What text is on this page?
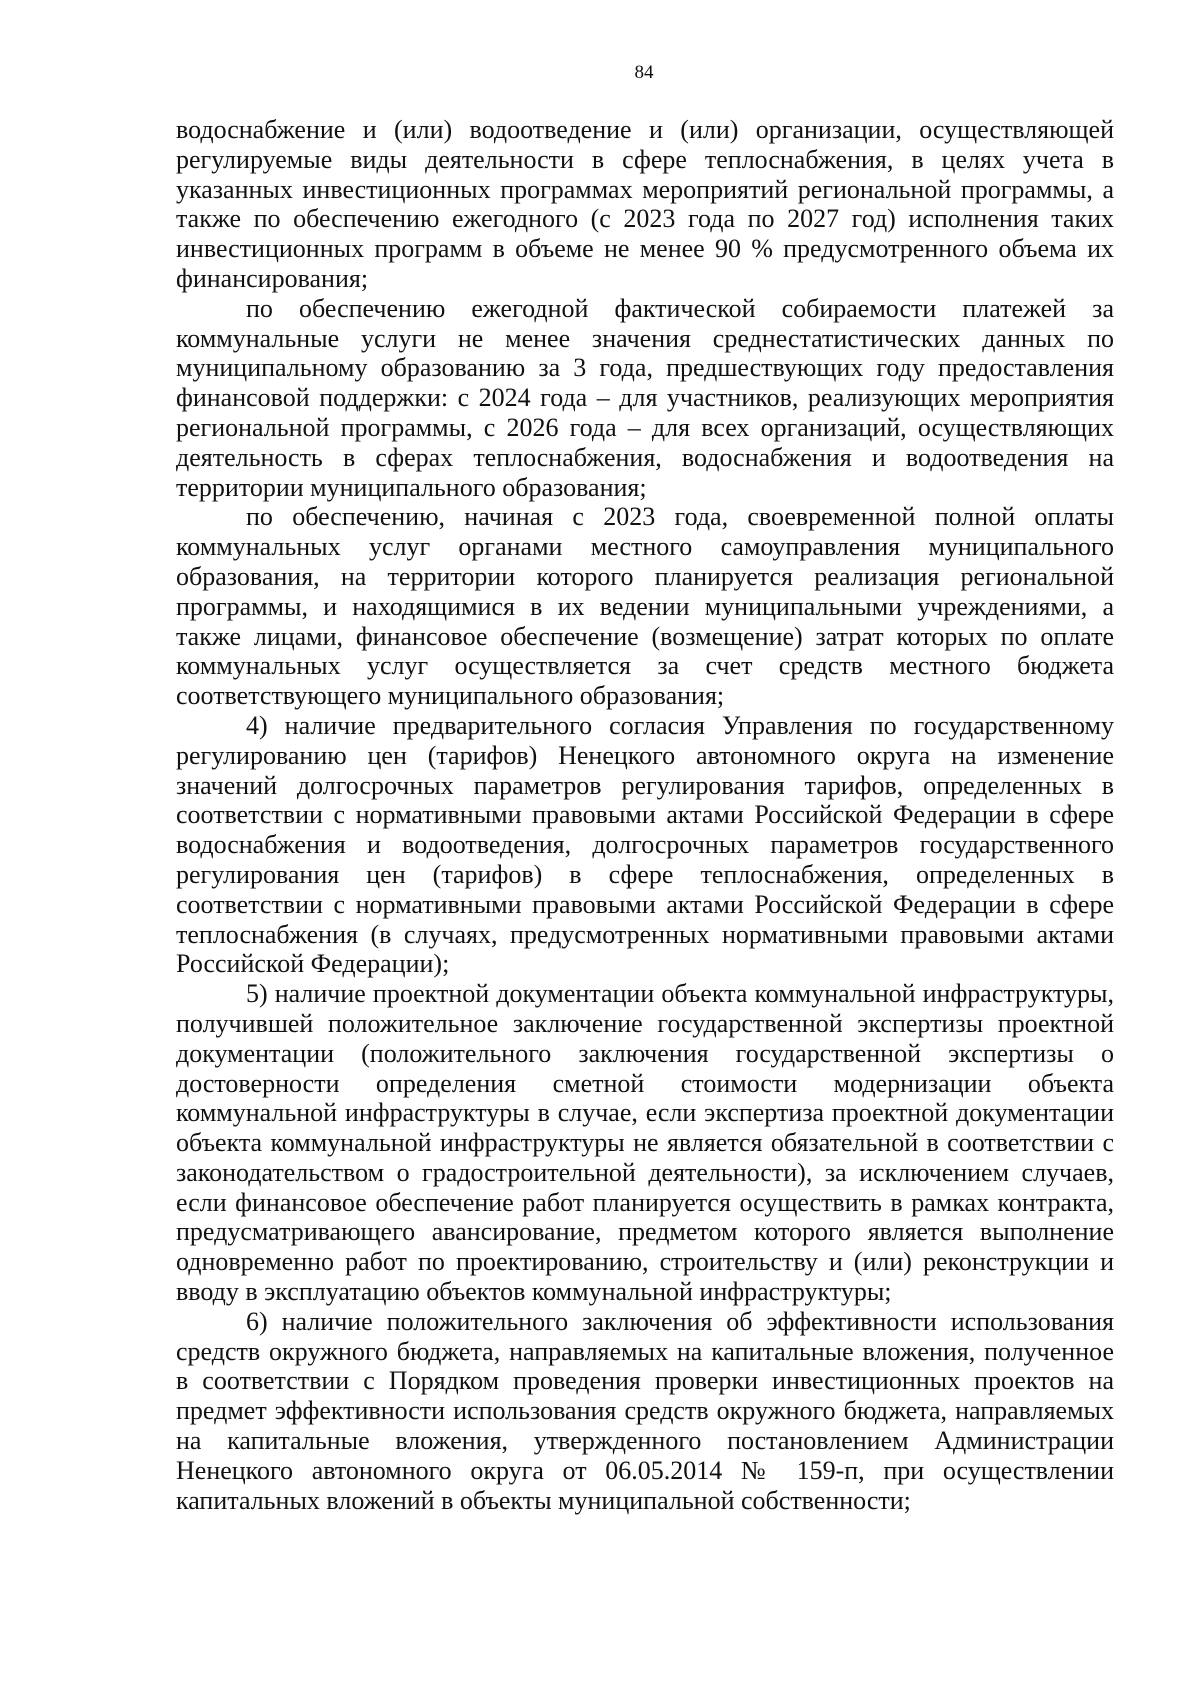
84

водоснабжение и (или) водоотведение и (или) организации, осуществляющей регулируемые виды деятельности в сфере теплоснабжения, в целях учета в указанных инвестиционных программах мероприятий региональной программы, а также по обеспечению ежегодного (с 2023 года по 2027 год) исполнения таких инвестиционных программ в объеме не менее 90 % предусмотренного объема их финансирования;

по обеспечению ежегодной фактической собираемости платежей за коммунальные услуги не менее значения среднестатистических данных по муниципальному образованию за 3 года, предшествующих году предоставления финансовой поддержки: с 2024 года – для участников, реализующих мероприятия региональной программы, с 2026 года – для всех организаций, осуществляющих деятельность в сферах теплоснабжения, водоснабжения и водоотведения на территории муниципального образования;

по обеспечению, начиная с 2023 года, своевременной полной оплаты коммунальных услуг органами местного самоуправления муниципального образования, на территории которого планируется реализация региональной программы, и находящимися в их ведении муниципальными учреждениями, а также лицами, финансовое обеспечение (возмещение) затрат которых по оплате коммунальных услуг осуществляется за счет средств местного бюджета соответствующего муниципального образования;

4) наличие предварительного согласия Управления по государственному регулированию цен (тарифов) Ненецкого автономного округа на изменение значений долгосрочных параметров регулирования тарифов, определенных в соответствии с нормативными правовыми актами Российской Федерации в сфере водоснабжения и водоотведения, долгосрочных параметров государственного регулирования цен (тарифов) в сфере теплоснабжения, определенных в соответствии с нормативными правовыми актами Российской Федерации в сфере теплоснабжения (в случаях, предусмотренных нормативными правовыми актами Российской Федерации);

5) наличие проектной документации объекта коммунальной инфраструктуры, получившей положительное заключение государственной экспертизы проектной документации (положительного заключения государственной экспертизы о достоверности определения сметной стоимости модернизации объекта коммунальной инфраструктуры в случае, если экспертиза проектной документации объекта коммунальной инфраструктуры не является обязательной в соответствии с законодательством о градостроительной деятельности), за исключением случаев, если финансовое обеспечение работ планируется осуществить в рамках контракта, предусматривающего авансирование, предметом которого является выполнение одновременно работ по проектированию, строительству и (или) реконструкции и вводу в эксплуатацию объектов коммунальной инфраструктуры;

6) наличие положительного заключения об эффективности использования средств окружного бюджета, направляемых на капитальные вложения, полученное в соответствии с Порядком проведения проверки инвестиционных проектов на предмет эффективности использования средств окружного бюджета, направляемых на капитальные вложения, утвержденного постановлением Администрации Ненецкого автономного округа от 06.05.2014 № 159-п, при осуществлении капитальных вложений в объекты муниципальной собственности;
